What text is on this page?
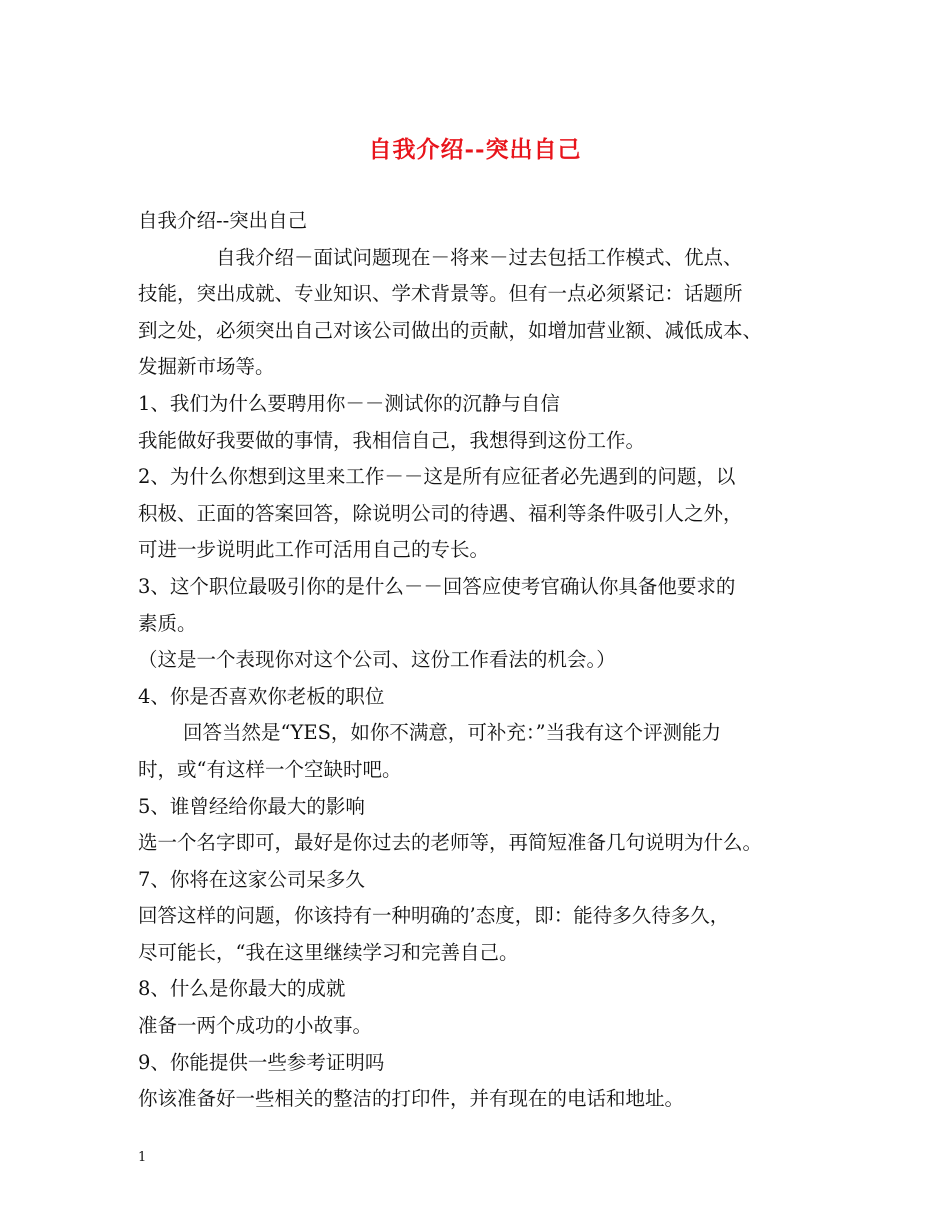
自我介绍--突出自己
自我介绍--突出自己
自我介绍－面试问题现在－将来－过去包括工作模式、优点、
技能，突出成就、专业知识、学术背景等。但有一点必须紧记：话题所
到之处，必须突出自己对该公司做出的贡献，如增加营业额、减低成本、
发掘新市场等。
1、我们为什么要聘用你－－测试你的沉静与自信
我能做好我要做的事情，我相信自己，我想得到这份工作。
2、为什么你想到这里来工作－－这是所有应征者必先遇到的问题，以
积极、正面的答案回答，除说明公司的待遇、福利等条件吸引人之外，
可进一步说明此工作可活用自己的专长。
3、这个职位最吸引你的是什么－－回答应使考官确认你具备他要求的
素质。
（这是一个表现你对这个公司、这份工作看法的机会。）
4、你是否喜欢你老板的职位
回答当然是“YES，如你不满意，可补充：”当我有这个评测能力
时，或“有这样一个空缺时吧。
5、谁曾经给你最大的影响
选一个名字即可，最好是你过去的老师等，再简短准备几句说明为什么。
7、你将在这家公司呆多久
回答这样的问题，你该持有一种明确的’态度，即：能待多久待多久，
尽可能长，“我在这里继续学习和完善自己。
8、什么是你最大的成就
准备一两个成功的小故事。
9、你能提供一些参考证明吗
你该准备好一些相关的整洁的打印件，并有现在的电话和地址。
1
